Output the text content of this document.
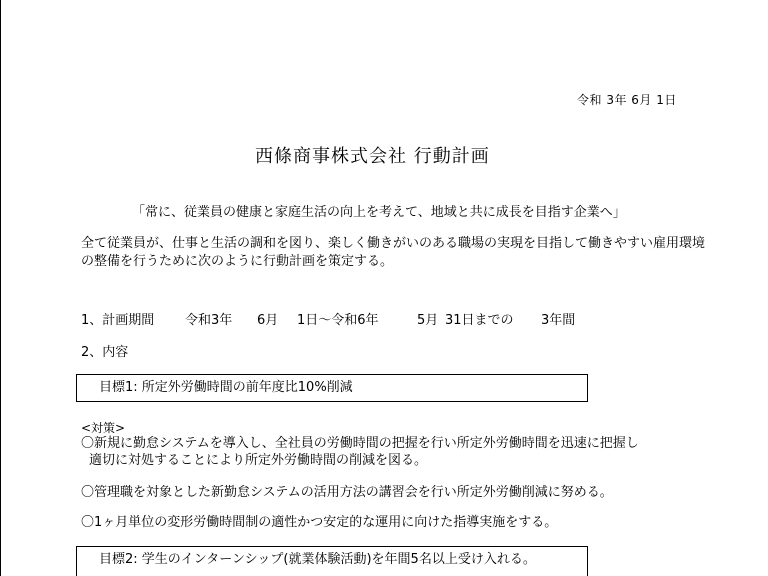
令和 3年 6月 1日
西條商事株式会社 行動計画
「常に、従業員の健康と家庭生活の向上を考えて、地域と共に成長を目指す企業へ」
全て従業員が、仕事と生活の調和を図り、楽しく働きがいのある職場の実現を目指して働きやすい雇用環境の整備を行うために次のように行動計画を策定する。
1、計画期間 令和3年 6月 1日～令和6年	5月 31日までの 3年間
2、内容
目標1: 所定外労働時間の前年度比10%削減
<対策>
〇新規に勤怠システムを導入し、全社員の労働時間の把握を行い所定外労働時間を迅速に把握し
適切に対処することにより所定外労働時間の削減を図る。
〇管理職を対象とした新勤怠システムの活用方法の講習会を行い所定外労働削減に努める。
〇1ヶ月単位の変形労働時間制の適性かつ安定的な運用に向けた指導実施をする。
目標2: 学生のインターンシップ(就業体験活動)を年間5名以上受け入れる。
